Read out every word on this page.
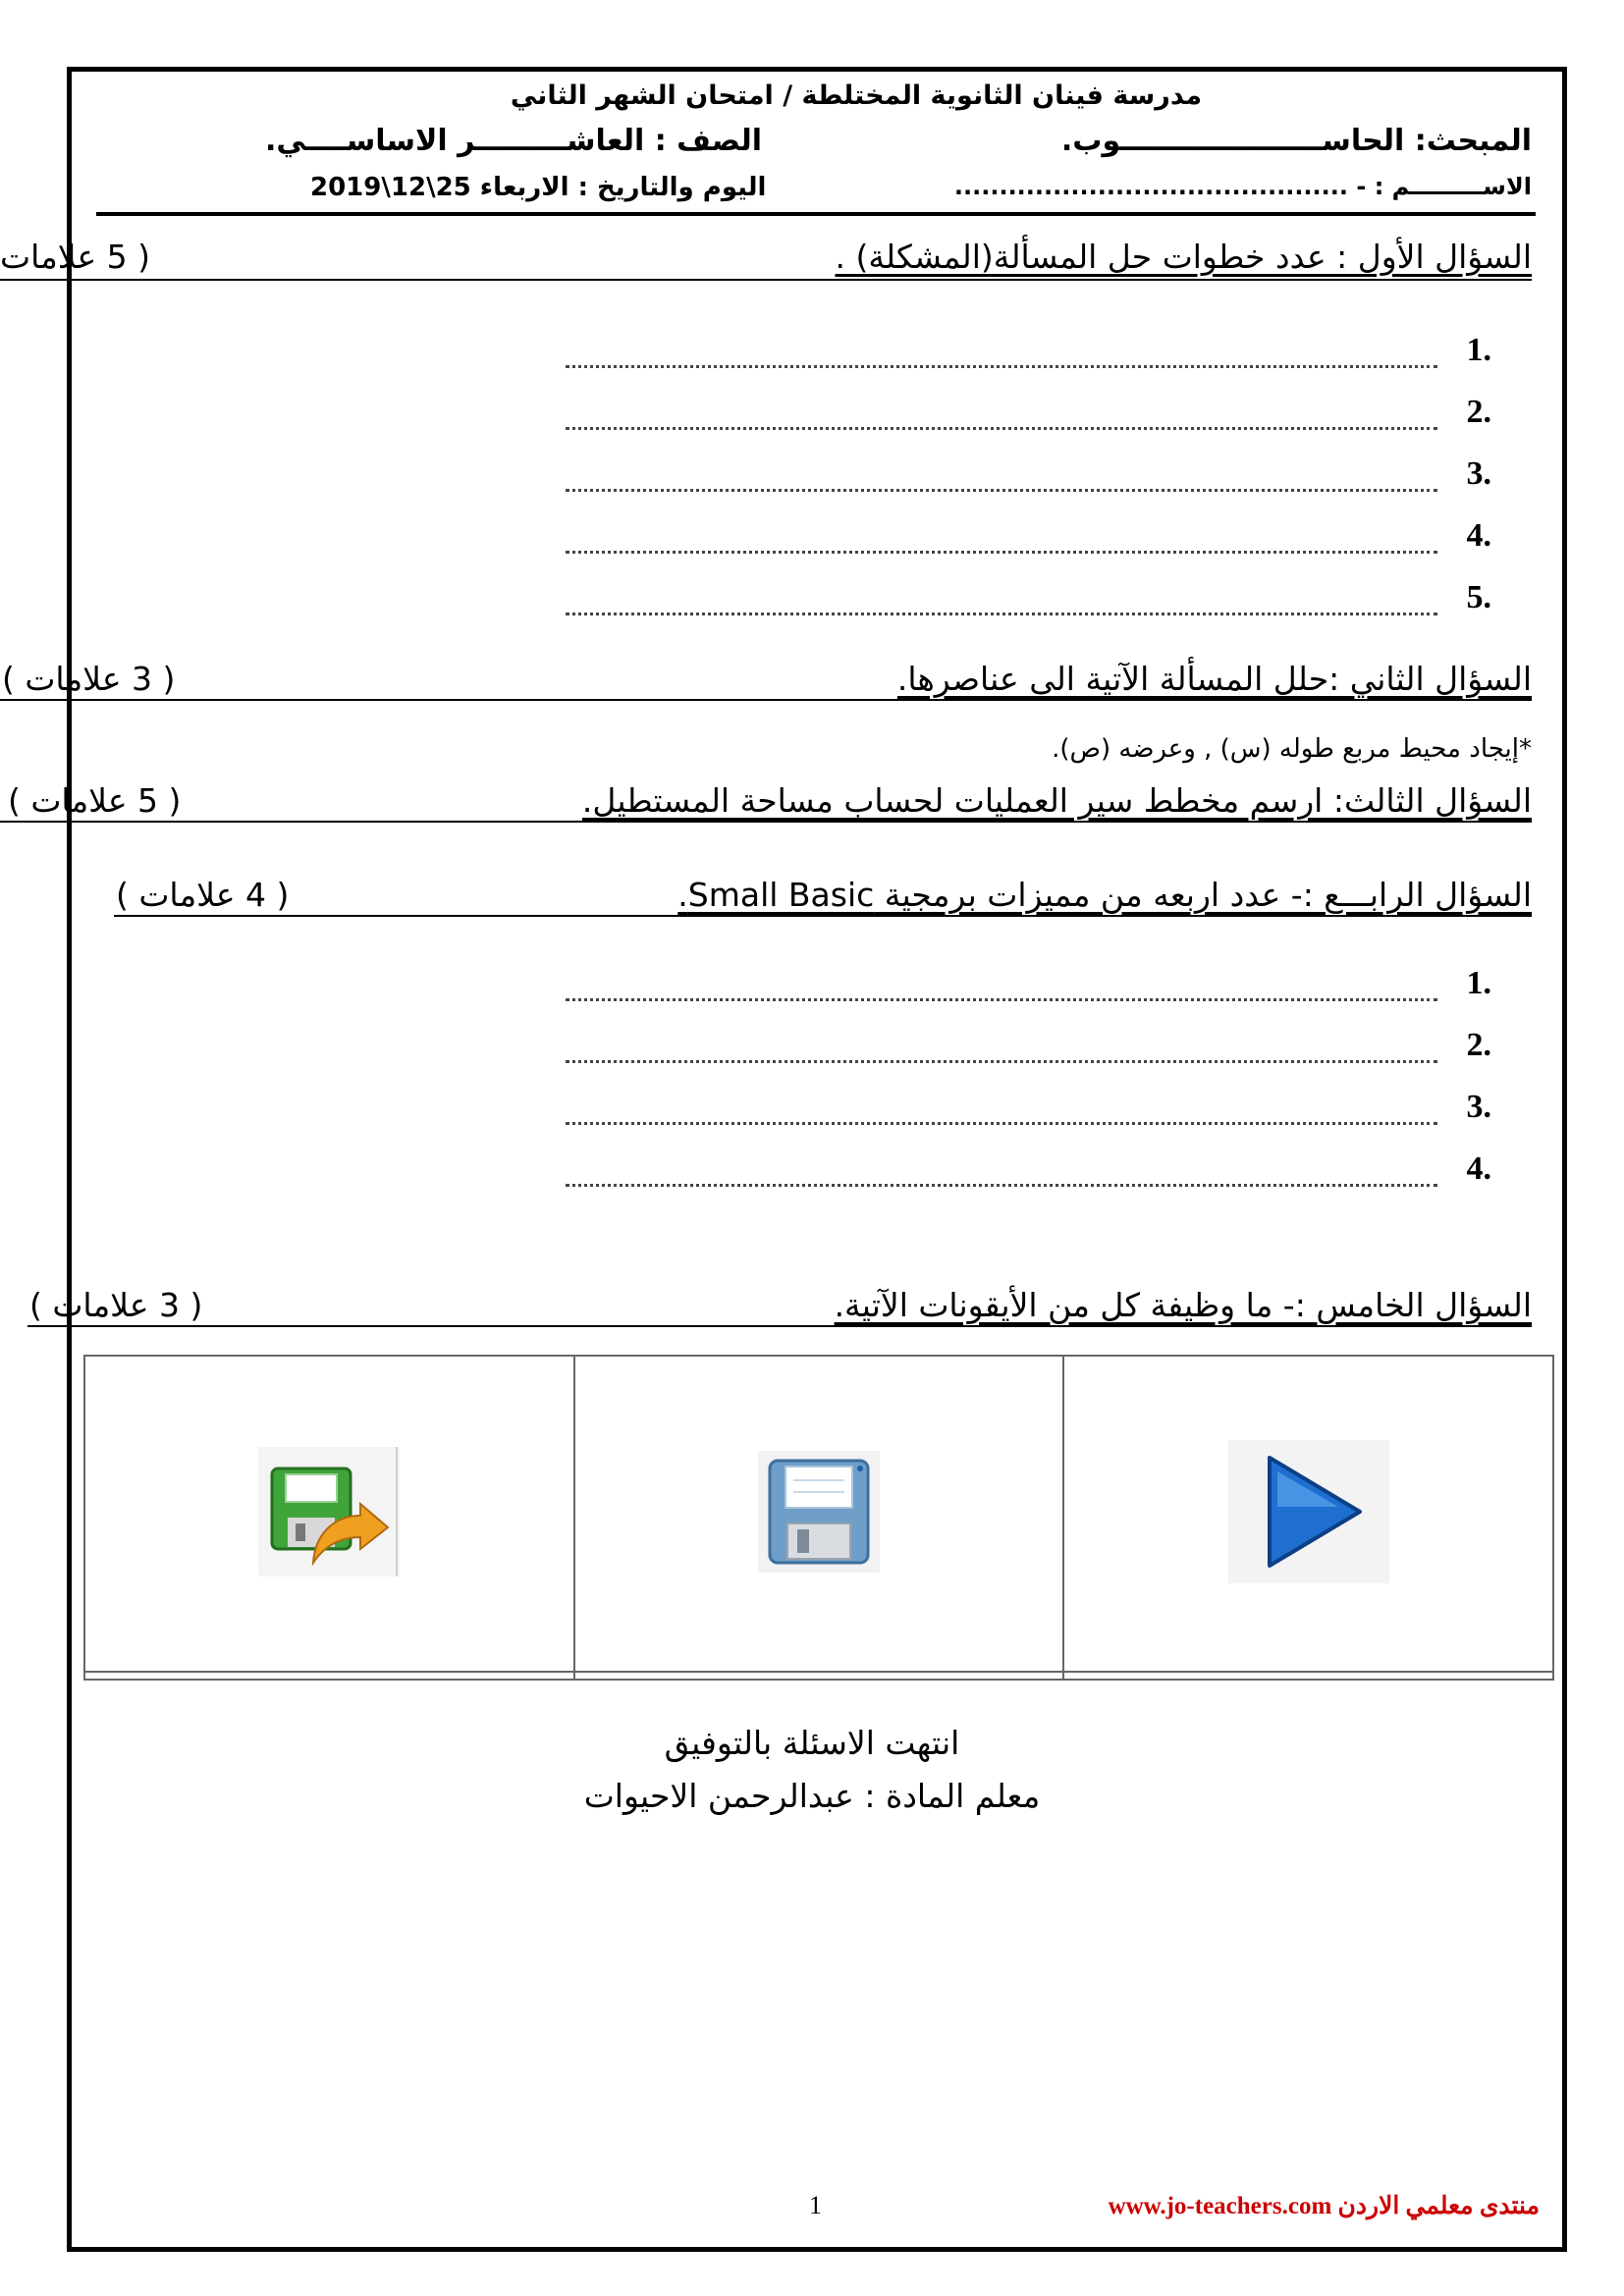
مدرسة فينان الثانوية المختلطة / امتحان الشهر الثاني
المبحث: الحاســــــــــــــــــــوب.
الصف : العاشـــــــــر الاساســــي.
الاســـــــــم : - ............................................
اليوم والتاريخ : الاربعاء 25\12\2019
السؤال الأول : عدد خطوات حل المسألة(المشكلة) .
( 5 علامات
1.
2.
3.
4.
5.
السؤال الثاني :حلل المسألة الآتية الى عناصرها.
( 3 علامات )
*إيجاد محيط مربع طوله (س) , وعرضه (ص).
السؤال الثالث: ارسم مخطط سير العمليات لحساب مساحة المستطيل.
( 5 علامات )
السؤال الرابـــع :- عدد اربعه من مميزات برمجية Small Basic.
( 4 علامات )
1.
2.
3.
4.
السؤال الخامس :- ما وظيفة كل من الأيقونات الآتية.
( 3 علامات )

انتهت الاسئلة بالتوفيق
معلم المادة : عبدالرحمن الاحيوات
1	www.jo-teachers.com منتدى معلمي الاردن
